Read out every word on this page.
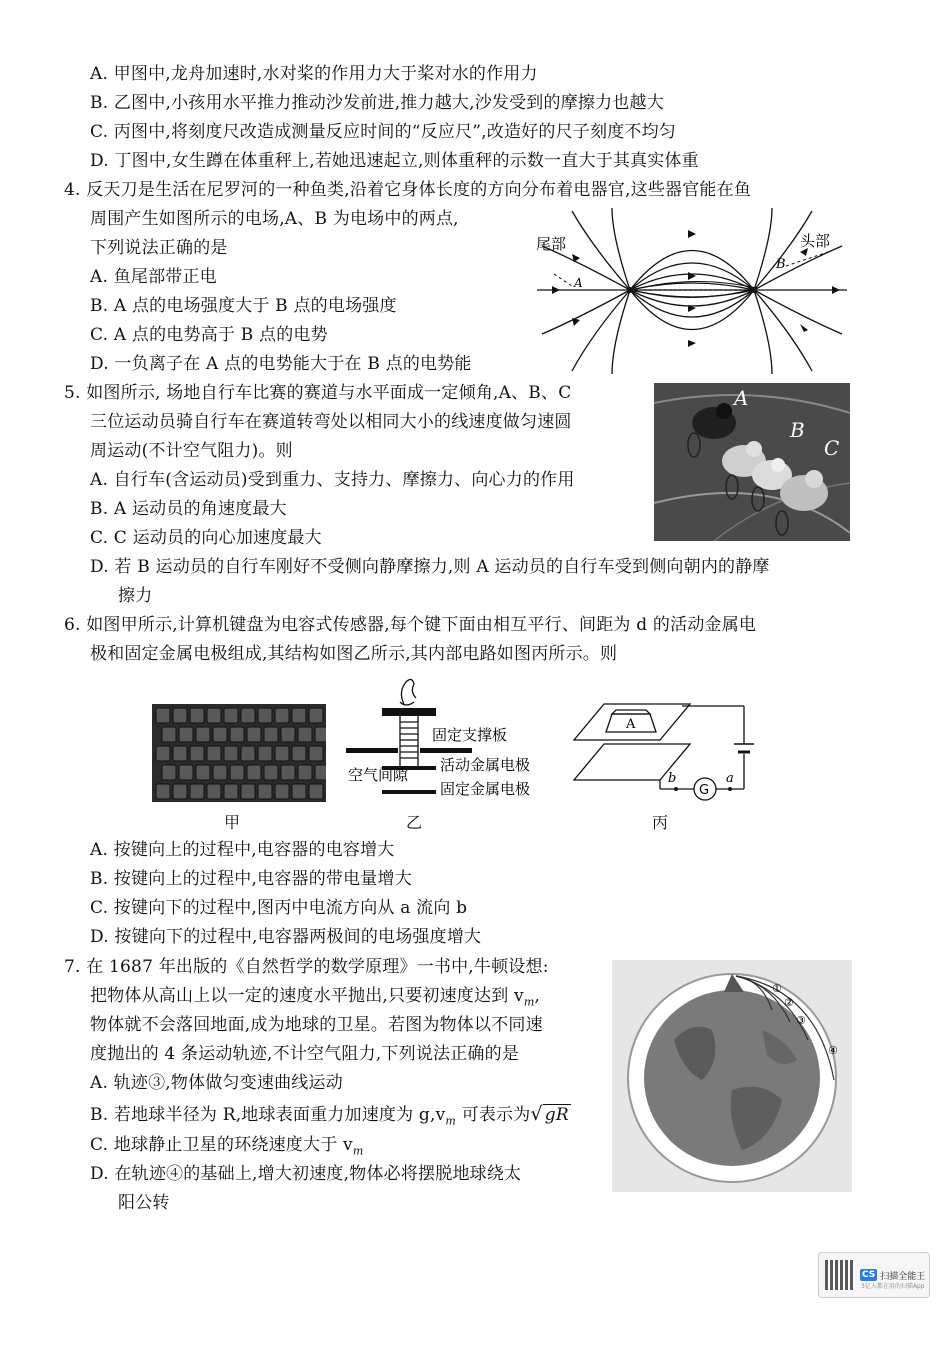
A. 甲图中,龙舟加速时,水对桨的作用力大于桨对水的作用力
B. 乙图中,小孩用水平推力推动沙发前进,推力越大,沙发受到的摩擦力也越大
C. 丙图中,将刻度尺改造成测量反应时间的“反应尺”,改造好的尺子刻度不均匀
D. 丁图中,女生蹲在体重秤上,若她迅速起立,则体重秤的示数一直大于其真实体重
4. 反天刀是生活在尼罗河的一种鱼类,沿着它身体长度的方向分布着电器官,这些器官能在鱼
周围产生如图所示的电场,A、B 为电场中的两点,
下列说法正确的是
A. 鱼尾部带正电
B. A 点的电场强度大于 B 点的电场强度
C. A 点的电势高于 B 点的电势
D. 一负离子在 A 点的电势能大于在 B 点的电势能
尾部	头部
A
B
5. 如图所示, 场地自行车比赛的赛道与水平面成一定倾角,A、B、C
三位运动员骑自行车在赛道转弯处以相同大小的线速度做匀速圆
周运动(不计空气阻力)。则
A. 自行车(含运动员)受到重力、支持力、摩擦力、向心力的作用
B. A 运动员的角速度最大
C. C 运动员的向心加速度最大
D. 若 B 运动员的自行车刚好不受侧向静摩擦力,则 A 运动员的自行车受到侧向朝内的静摩
擦力
A
B
C
6. 如图甲所示,计算机键盘为电容式传感器,每个键下面由相互平行、间距为 d 的活动金属电
极和固定金属电极组成,其结构如图乙所示,其内部电路如图丙所示。则
甲
固定支撑板
空气间隙
活动金属电极
固定金属电极
乙
A
b	a
G
丙
A. 按键向上的过程中,电容器的电容增大
B. 按键向上的过程中,电容器的带电量增大
C. 按键向下的过程中,图丙中电流方向从 a 流向 b
D. 按键向下的过程中,电容器两极间的电场强度增大
7. 在 1687 年出版的《自然哲学的数学原理》一书中,牛顿设想:
把物体从高山上以一定的速度水平抛出,只要初速度达到 $v_m$,
物体就不会落回地面,成为地球的卫星。若图为物体以不同速
度抛出的 4 条运动轨迹,不计空气阻力,下列说法正确的是
A. 轨迹③,物体做匀变速曲线运动
B. 若地球半径为 R,地球表面重力加速度为 $g,v_m$ 可表示为√ gR
C. 地球静止卫星的环绕速度大于 $v_m$
D. 在轨迹④的基础上,增大初速度,物体必将摆脱地球绕太
阳公转
①
②
③
④
CS 扫描全能王
3亿人都在用的扫描App
